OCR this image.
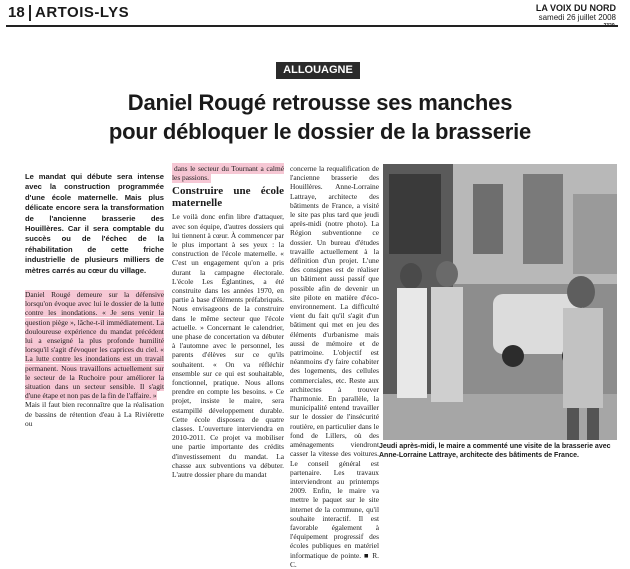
18 ARTOIS-LYS	LA VOIX DU NORD
samedi 26 juillet 2008
ALLOUAGNE
Daniel Rougé retrousse ses manches
pour débloquer le dossier de la brasserie
Le mandat qui débute sera intense avec la construction programmée d'une école maternelle. Mais plus délicate encore sera la transformation de l'ancienne brasserie des Houillères. Car il sera comptable du succès ou de l'échec de la réhabilitation de cette friche industrielle de plusieurs milliers de mètres carrés au cœur du village.

Daniel Rougé demeure sur la défensive lorsqu'on évoque avec lui le dossier de la lutte contre les inondations. « Je sens venir la question piège », lâche-t-il immédiatement. La douloureuse expérience du mandat précédent lui a enseigné la plus profonde humilité lorsqu'il s'agit d'évoquer les caprices du ciel. « La lutte contre les inondations est un travail permanent. Nous travaillons actuellement sur le secteur de la Ruchoire pour améliorer la situation dans un secteur sensible. Il s'agit d'une étape et non pas de la fin de l'affaire. »

Mais il faut bien reconnaître que la réalisation de bassins de rétention d'eau à La Rivièrette ou

dans le secteur du Tournant a calmé les passions.

Construire une école maternelle

Le voilà donc enfin libre d'attaquer, avec son équipe, d'autres dossiers qui lui tiennent à cœur. À commencer par le plus important à ses yeux : la construction de l'école maternelle. « C'est un engagement qu'on a pris durant la campagne électorale. L'école Les Églantines, a été construite dans les années 1970, en partie à base d'éléments préfabriqués. Nous envisageons de la construire dans le même secteur que l'école actuelle. » Concernant le calendrier, une phase de concertation va débuter à l'automne avec le personnel, les parents d'élèves sur ce qu'ils souhaitent. « On va réfléchir ensemble sur ce qui est souhaitable, fonctionnel, pratique. Nous allons prendre en compte les besoins. » Ce projet, insiste le maire, sera estampillé développement durable. Cette école disposera de quatre classes. L'ouverture interviendra en 2010-2011. Ce projet va mobiliser une partie importante des crédits d'investissement du mandat. La chasse aux subventions va débuter. L'autre dossier phare du mandat

concerne la requalification de l'ancienne brasserie des Houillères. Anne-Lorraine Lattraye, architecte des bâtiments de France, a visité le site pas plus tard que jeudi après-midi (notre photo). La Région subventionne ce dossier. Un bureau d'études travaille actuellement à la définition d'un projet. L'une des consignes est de réaliser un bâtiment aussi passif que possible afin de devenir un site pilote en matière d'éco-environnement. La difficulté vient du fait qu'il s'agit d'un bâtiment qui met en jeu des éléments d'urbanisme mais aussi de mémoire et de patrimoine. L'objectif est néanmoins d'y faire cohabiter des logements, des cellules commerciales, etc. Reste aux architectes à trouver l'harmonie. En parallèle, la municipalité entend travailler sur le dossier de l'insécurité routière, en particulier dans le fond de Lillers, où des aménagements viendront casser la vitesse des voitures. Le conseil général est partenaire. Les travaux interviendront au printemps 2009. Enfin, le maire va mettre le paquet sur le site internet de la commune, qu'il souhaite interactif. Il est favorable également à l'équipement progressif des écoles publiques en matériel informatique de pointe. ■ R. C.

Jeudi après-midi, le maire a commenté une visite de la brasserie avec Anne-Lorraine Lattraye, architecte des bâtiments de France.
